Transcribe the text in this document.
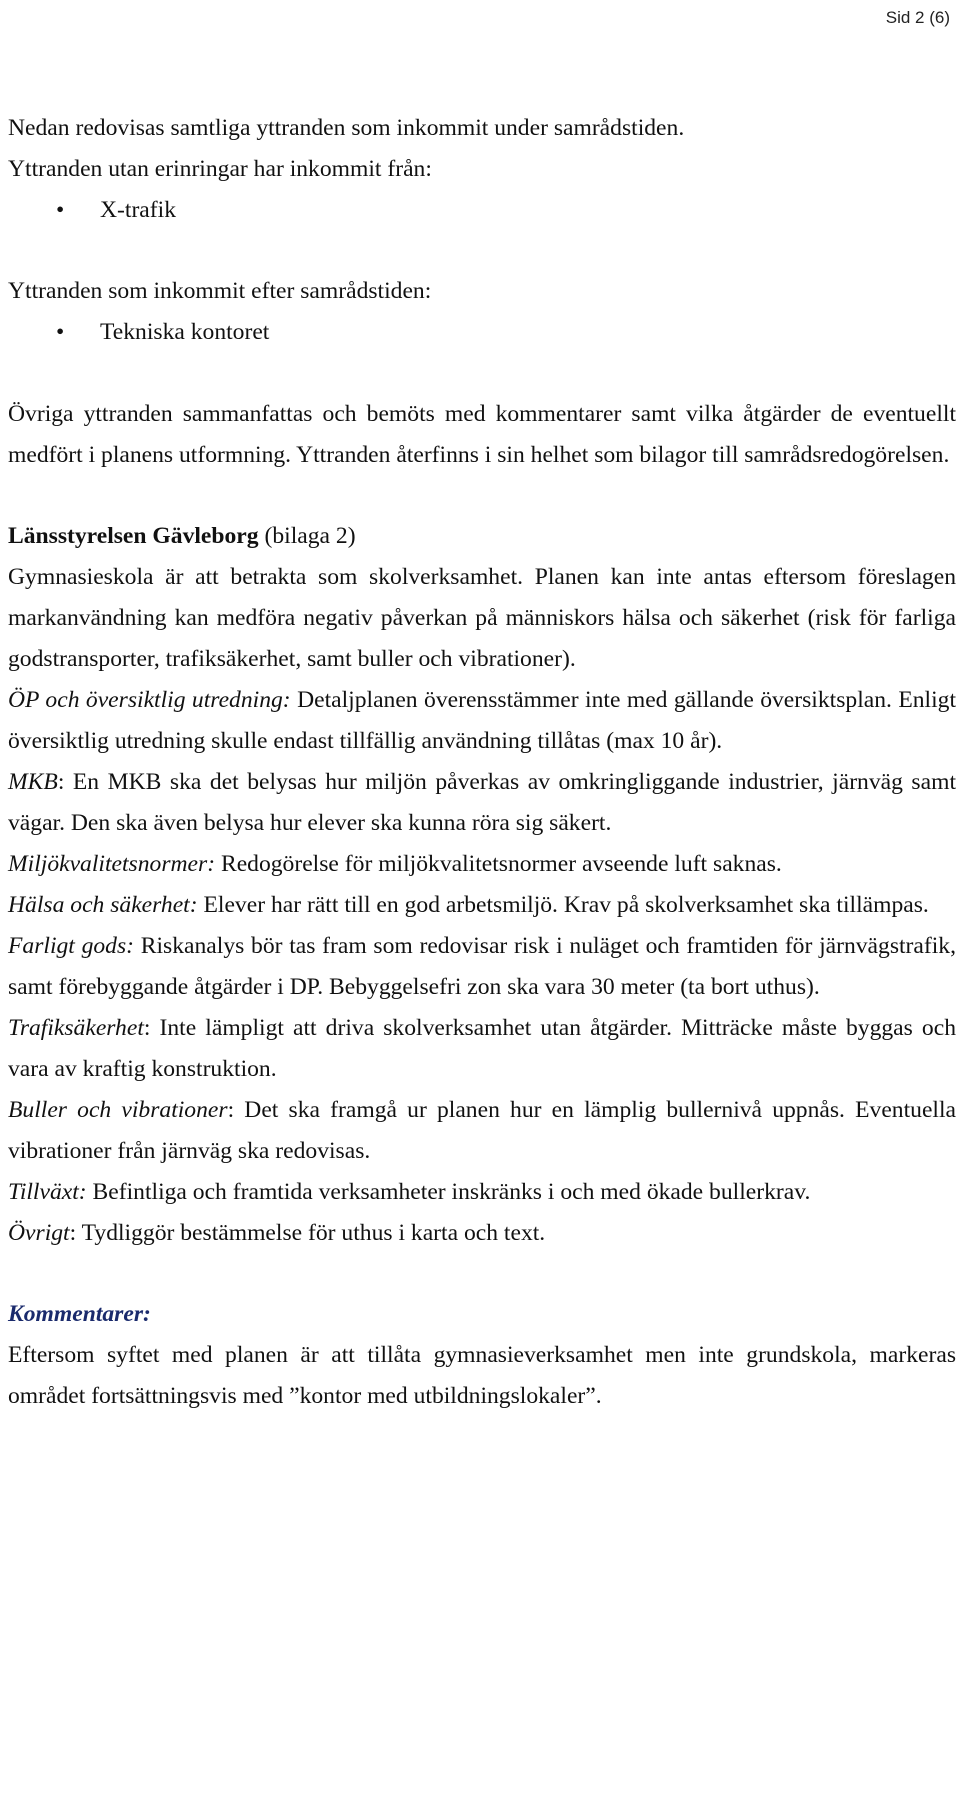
Sid 2 (6)

Nedan redovisas samtliga yttranden som inkommit under samrådstiden.

Yttranden utan erinringar har inkommit från:

• X-trafik

Yttranden som inkommit efter samrådstiden:

• Tekniska kontoret

Övriga yttranden sammanfattas och bemöts med kommentarer samt vilka åtgärder de eventuellt medfört i planens utformning. Yttranden återfinns i sin helhet som bilagor till samrådsredogörelsen.

Länsstyrelsen Gävleborg (bilaga 2)

Gymnasieskola är att betrakta som skolverksamhet. Planen kan inte antas eftersom föreslagen markanvändning kan medföra negativ påverkan på människors hälsa och säkerhet (risk för farliga godstransporter, trafiksäkerhet, samt buller och vibrationer).

ÖP och översiktlig utredning: Detaljplanen överensstämmer inte med gällande översiktsplan. Enligt översiktlig utredning skulle endast tillfällig användning tillåtas (max 10 år).

MKB: En MKB ska det belysas hur miljön påverkas av omkringliggande industrier, järnväg samt vägar. Den ska även belysa hur elever ska kunna röra sig säkert.

Miljökvalitetsnormer: Redogörelse för miljökvalitetsnormer avseende luft saknas.

Hälsa och säkerhet: Elever har rätt till en god arbetsmiljö. Krav på skolverksamhet ska tillämpas.

Farligt gods: Riskanalys bör tas fram som redovisar risk i nuläget och framtiden för järnvägstrafik, samt förebyggande åtgärder i DP. Bebyggelsefri zon ska vara 30 meter (ta bort uthus).

Trafiksäkerhet: Inte lämpligt att driva skolverksamhet utan åtgärder. Mitträcke måste byggas och vara av kraftig konstruktion.

Buller och vibrationer: Det ska framgå ur planen hur en lämplig bullernivå uppnås. Eventuella vibrationer från järnväg ska redovisas.

Tillväxt: Befintliga och framtida verksamheter inskränks i och med ökade bullerkrav.

Övrigt: Tydliggör bestämmelse för uthus i karta och text.

Kommentarer:

Eftersom syftet med planen är att tillåta gymnasieverksamhet men inte grundskola, markeras området fortsättningsvis med ”kontor med utbildningslokaler”.
